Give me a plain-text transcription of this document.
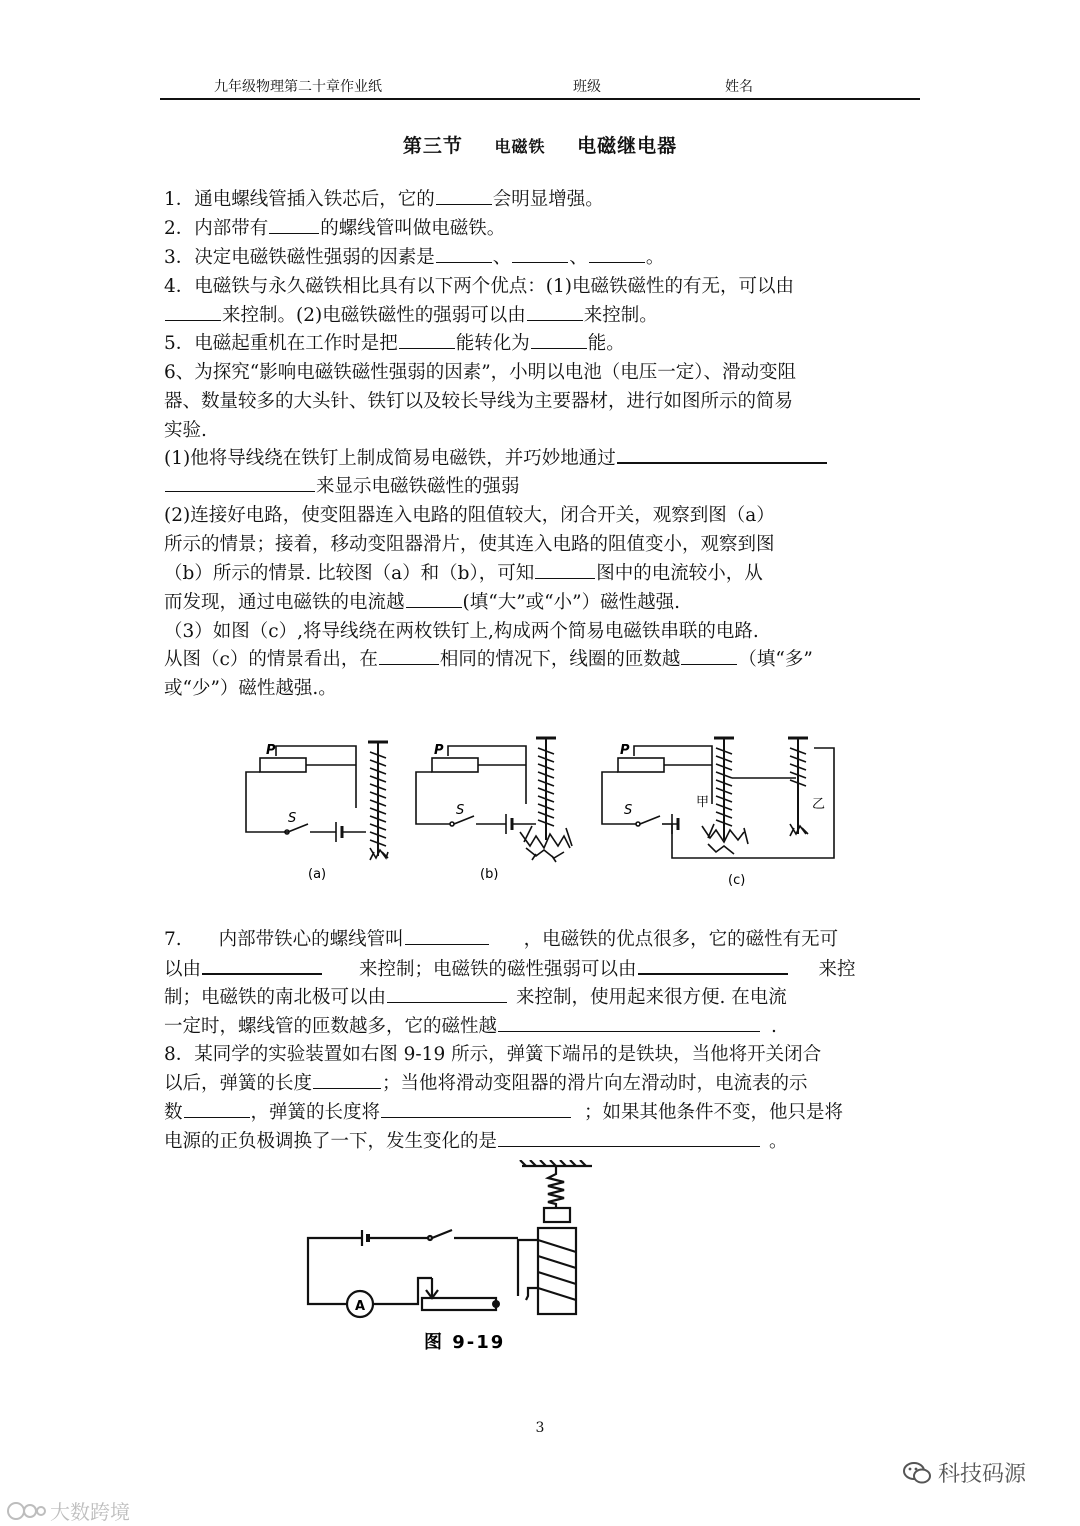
九年级物理第二十章作业纸	班级	姓名
第三节 电磁铁 电磁继电器
1．通电螺线管插入铁芯后，它的	会明显增强。
2．内部带有	的螺线管叫做电磁铁。
3．决定电磁铁磁性强弱的因素是	、	、	。
4．电磁铁与永久磁铁相比具有以下两个优点：(1)电磁铁磁性的有无，可以由
来控制。(2)电磁铁磁性的强弱可以由	来控制。
5．电磁起重机在工作时是把	能转化为	能。
6、为探究“影响电磁铁磁性强弱的因素”，小明以电池（电压一定）、滑动变阻
器、数量较多的大头针、铁钉以及较长导线为主要器材，进行如图所示的简易
实验.
(1)他将导线绕在铁钉上制成简易电磁铁，并巧妙地通过
来显示电磁铁磁性的强弱
(2)连接好电路，使变阻器连入电路的阻值较大，闭合开关，观察到图（a）
所示的情景；接着，移动变阻器滑片，使其连入电路的阻值变小，观察到图
（b）所示的情景. 比较图（a）和（b），可知	图中的电流较小，从
而发现，通过电磁铁的电流越	(填“大”或“小”）磁性越强.
（3）如图（c）,将导线绕在两枚铁钉上,构成两个简易电磁铁串联的电路.
从图（c）的情景看出，在	相同的情况下，线圈的匝数越	（填“多”
或“少”）磁性越强.。
P
S
P
S
P
S
甲	乙
(a)	(b)	(c)
7.　　内部带铁心的螺线管叫	，电磁铁的优点很多，它的磁性有无可
以由	来控制；电磁铁的磁性强弱可以由	来控
制；电磁铁的南北极可以由	来控制，使用起来很方便. 在电流
一定时，螺线管的匝数越多，它的磁性越	.
8．某同学的实验装置如右图 9-19 所示，弹簧下端吊的是铁块，当他将开关闭合
以后，弹簧的长度	；当他将滑动变阻器的滑片向左滑动时，电流表的示
数	，弹簧的长度将	；如果其他条件不变，他只是将
电源的正负极调换了一下，发生变化的是	。
A
图 9-19
3
科技码源
大数跨境
